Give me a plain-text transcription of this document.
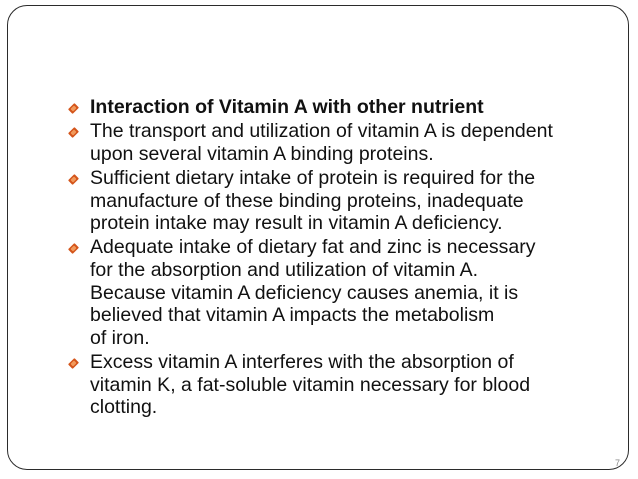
Interaction of Vitamin A with other nutrient
The transport and utilization of vitamin A is dependent
upon several vitamin A binding proteins.
Sufficient dietary intake of protein is required for the
manufacture of these binding proteins, inadequate
protein intake may result in vitamin A deficiency.
Adequate intake of dietary fat and zinc is necessary
for the absorption and utilization of vitamin A.
Because vitamin A deficiency causes anemia, it is
believed that vitamin A impacts the metabolism
of iron.
Excess vitamin A interferes with the absorption of
vitamin K, a fat-soluble vitamin necessary for blood
clotting.
7
